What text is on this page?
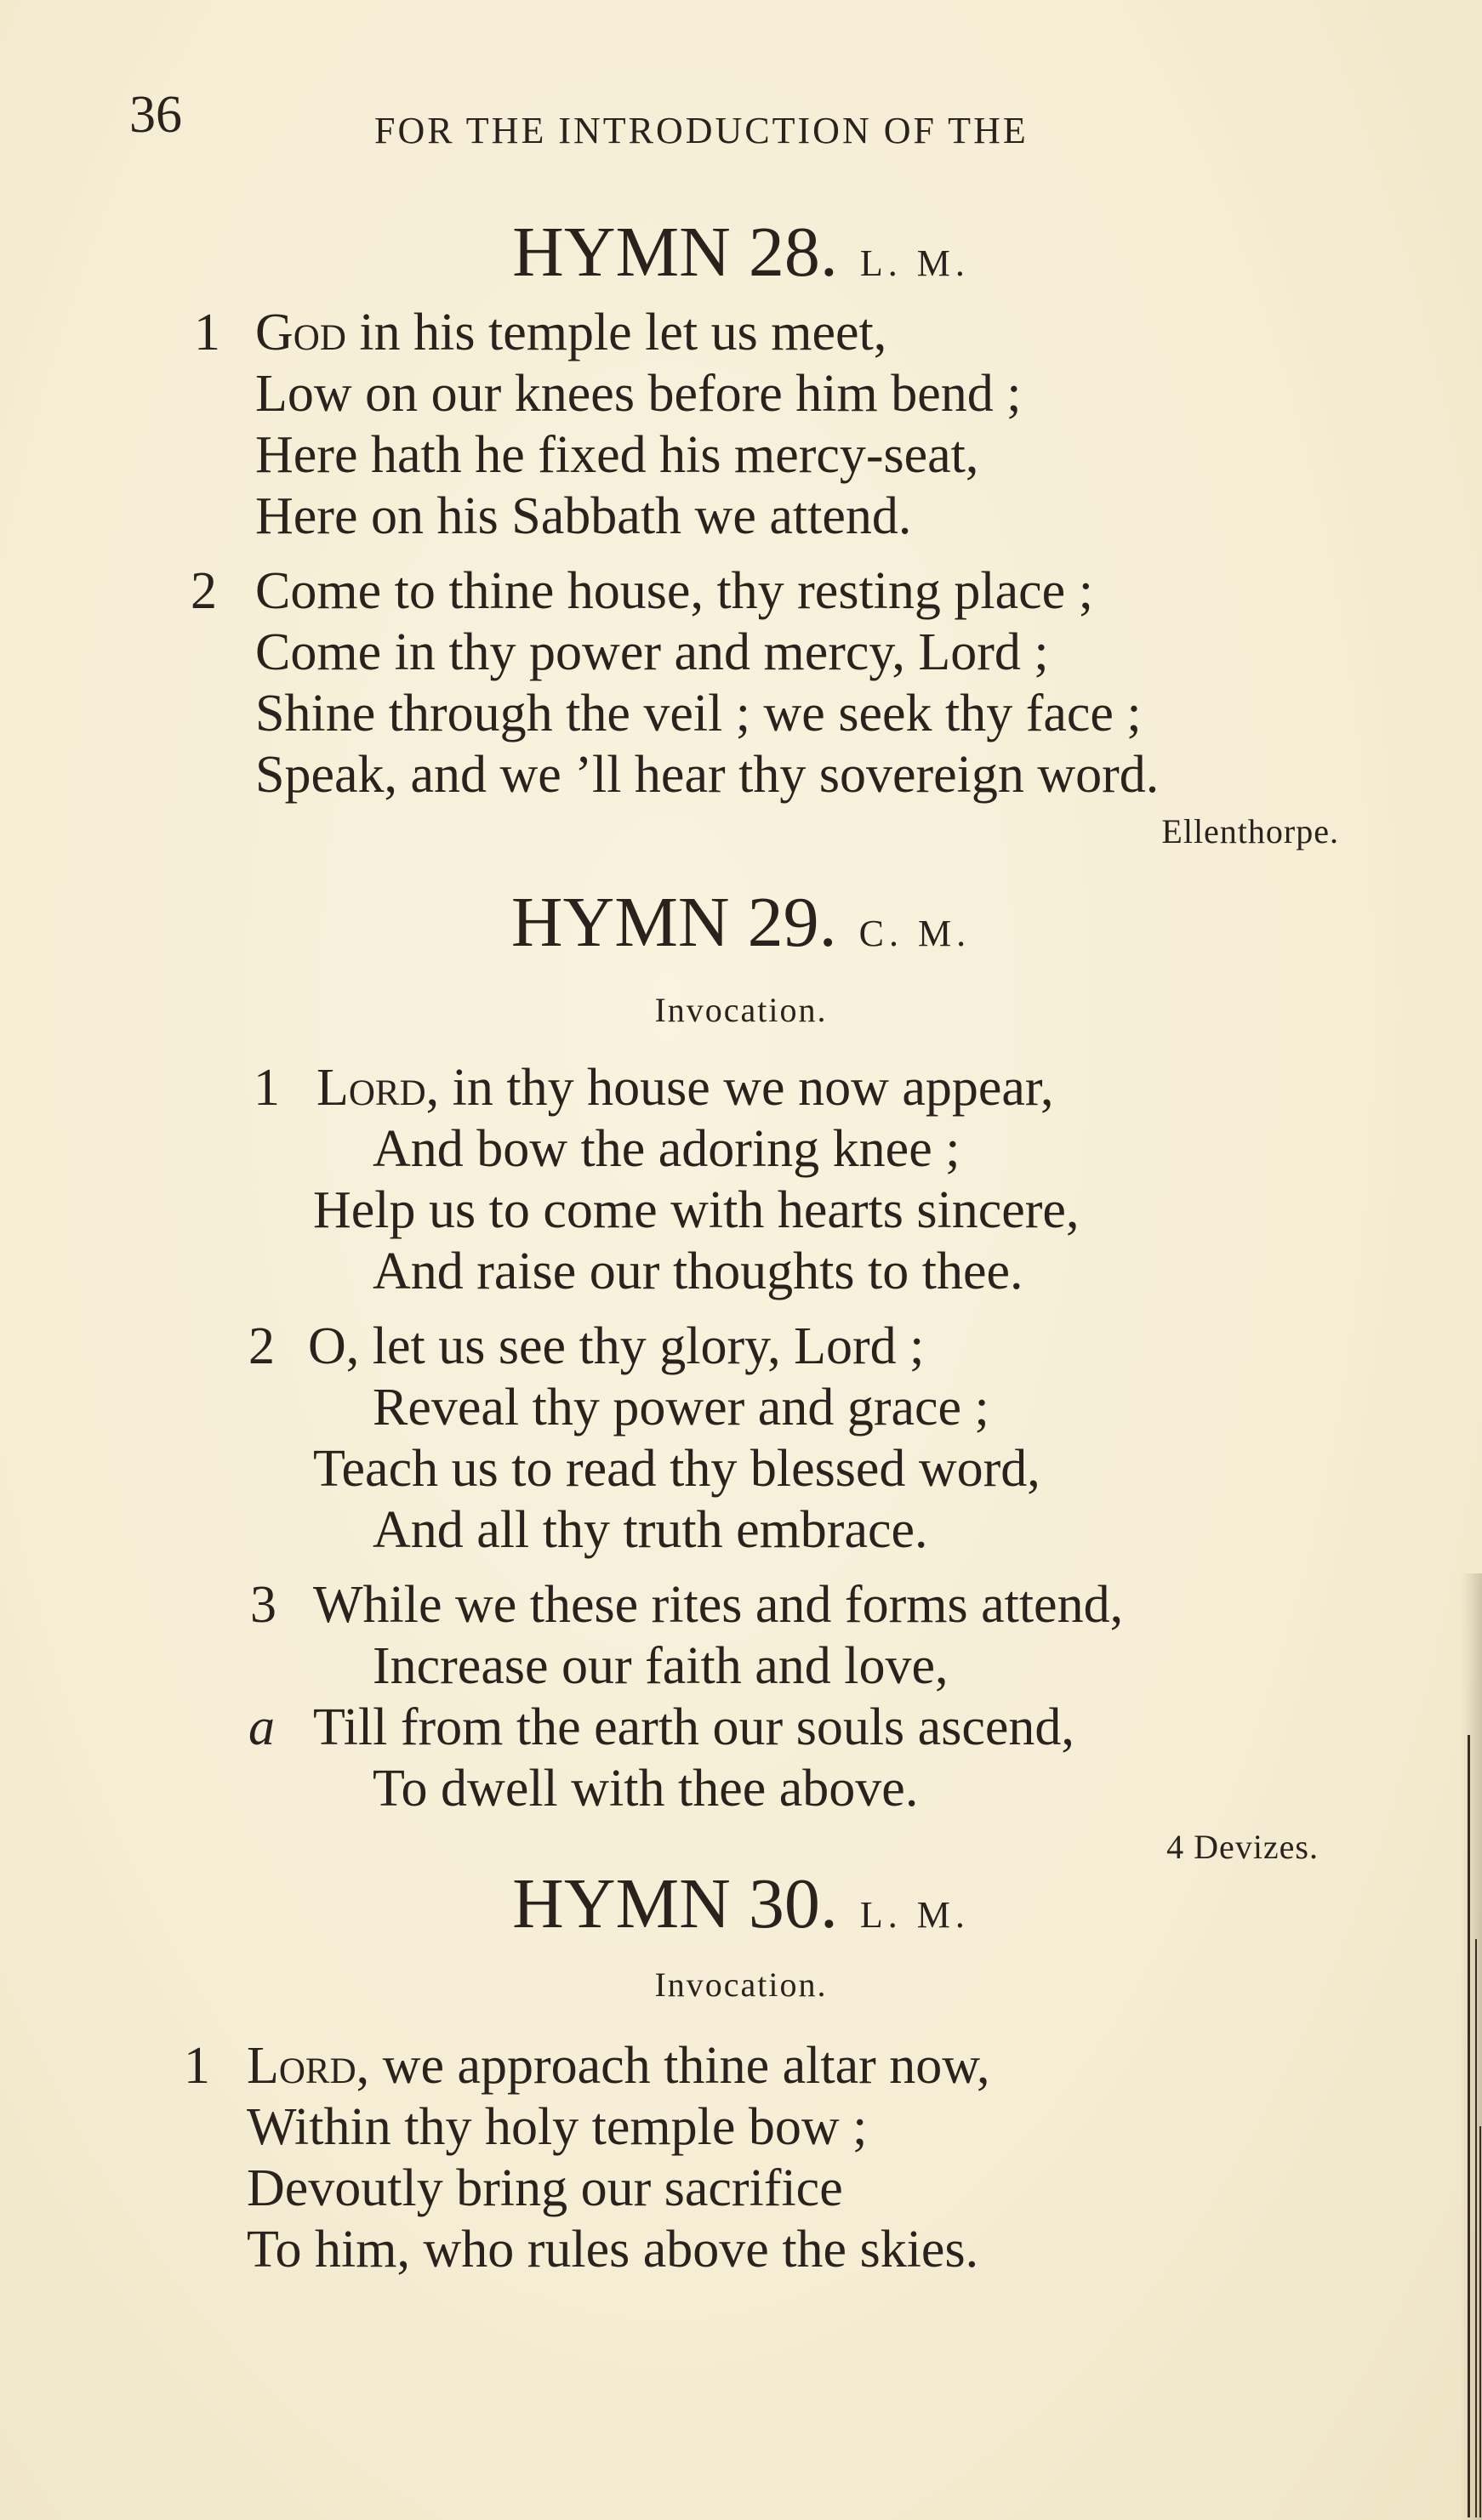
36	FOR THE INTRODUCTION OF THE
HYMN 28. L. M.
1 God in his temple let us meet,
Low on our knees before him bend ;
Here hath he fixed his mercy-seat,
Here on his Sabbath we attend.
2 Come to thine house, thy resting place ;
Come in thy power and mercy, Lord ;
Shine through the veil ; we seek thy face ;
Speak, and we ’ll hear thy sovereign word.
Ellenthorpe.
HYMN 29. C. M.
Invocation.
1 Lord, in thy house we now appear,
And bow the adoring knee ;
Help us to come with hearts sincere,
And raise our thoughts to thee.
2 O, let us see thy glory, Lord ;
Reveal thy power and grace ;
Teach us to read thy blessed word,
And all thy truth embrace.
3 While we these rites and forms attend,
Increase our faith and love,
a Till from the earth our souls ascend,
To dwell with thee above.
4 Devizes.
HYMN 30. L. M.
Invocation.
1 Lord, we approach thine altar now,
Within thy holy temple bow ;
Devoutly bring our sacrifice
To him, who rules above the skies.
